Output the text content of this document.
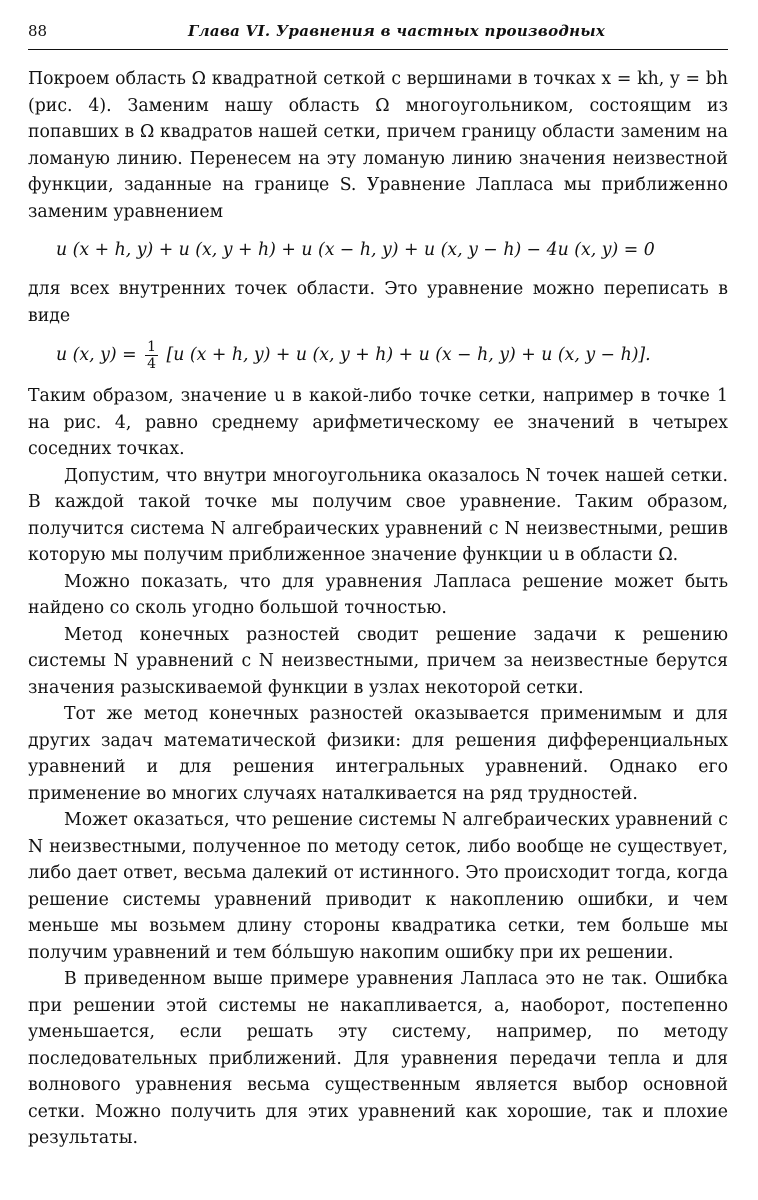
88	Глава VI. Уравнения в частных производных

Покроем область Ω квадратной сеткой с вершинами в точках x = kh, y = bh (рис. 4). Заменим нашу область Ω многоугольником, состоящим из попавших в Ω квадратов нашей сетки, причем границу области заменим на ломаную линию. Перенесем на эту ломаную линию значения неизвестной функции, заданные на границе S. Уравнение Лапласа мы приближенно заменим уравнением

u (x + h, y) + u (x, y + h) + u (x − h, y) + u (x, y − h) − 4u (x, y) = 0

для всех внутренних точек области. Это уравнение можно переписать в виде

u (x, $y) = \frac{1}{4} [u$ (x + h, y) + u (x, y + h) + u (x − h, y) + u (x, y − h)].

Таким образом, значение u в какой-либо точке сетки, например в точке 1 на рис. 4, равно среднему арифметическому ее значений в четырех соседних точках.

Допустим, что внутри многоугольника оказалось N точек нашей сетки. В каждой такой точке мы получим свое уравнение. Таким образом, получится система N алгебраических уравнений с N неизвестными, решив которую мы получим приближенное значение функции u в области Ω.

Можно показать, что для уравнения Лапласа решение может быть найдено со сколь угодно большой точностью.

Метод конечных разностей сводит решение задачи к решению системы N уравнений с N неизвестными, причем за неизвестные берутся значения разыскиваемой функции в узлах некоторой сетки.

Тот же метод конечных разностей оказывается применимым и для других задач математической физики: для решения дифференциальных уравнений и для решения интегральных уравнений. Однако его применение во многих случаях наталкивается на ряд трудностей.

Может оказаться, что решение системы N алгебраических уравнений с N неизвестными, полученное по методу сеток, либо вообще не существует, либо дает ответ, весьма далекий от истинного. Это происходит тогда, когда решение системы уравнений приводит к накоплению ошибки, и чем меньше мы возьмем длину стороны квадратика сетки, тем больше мы получим уравнений и тем бо́льшую накопим ошибку при их решении.

В приведенном выше примере уравнения Лапласа это не так. Ошибка при решении этой системы не накапливается, а, наоборот, постепенно уменьшается, если решать эту систему, например, по методу последовательных приближений. Для уравнения передачи тепла и для волнового уравнения весьма существенным является выбор основной сетки. Можно получить для этих уравнений как хорошие, так и плохие результаты.
